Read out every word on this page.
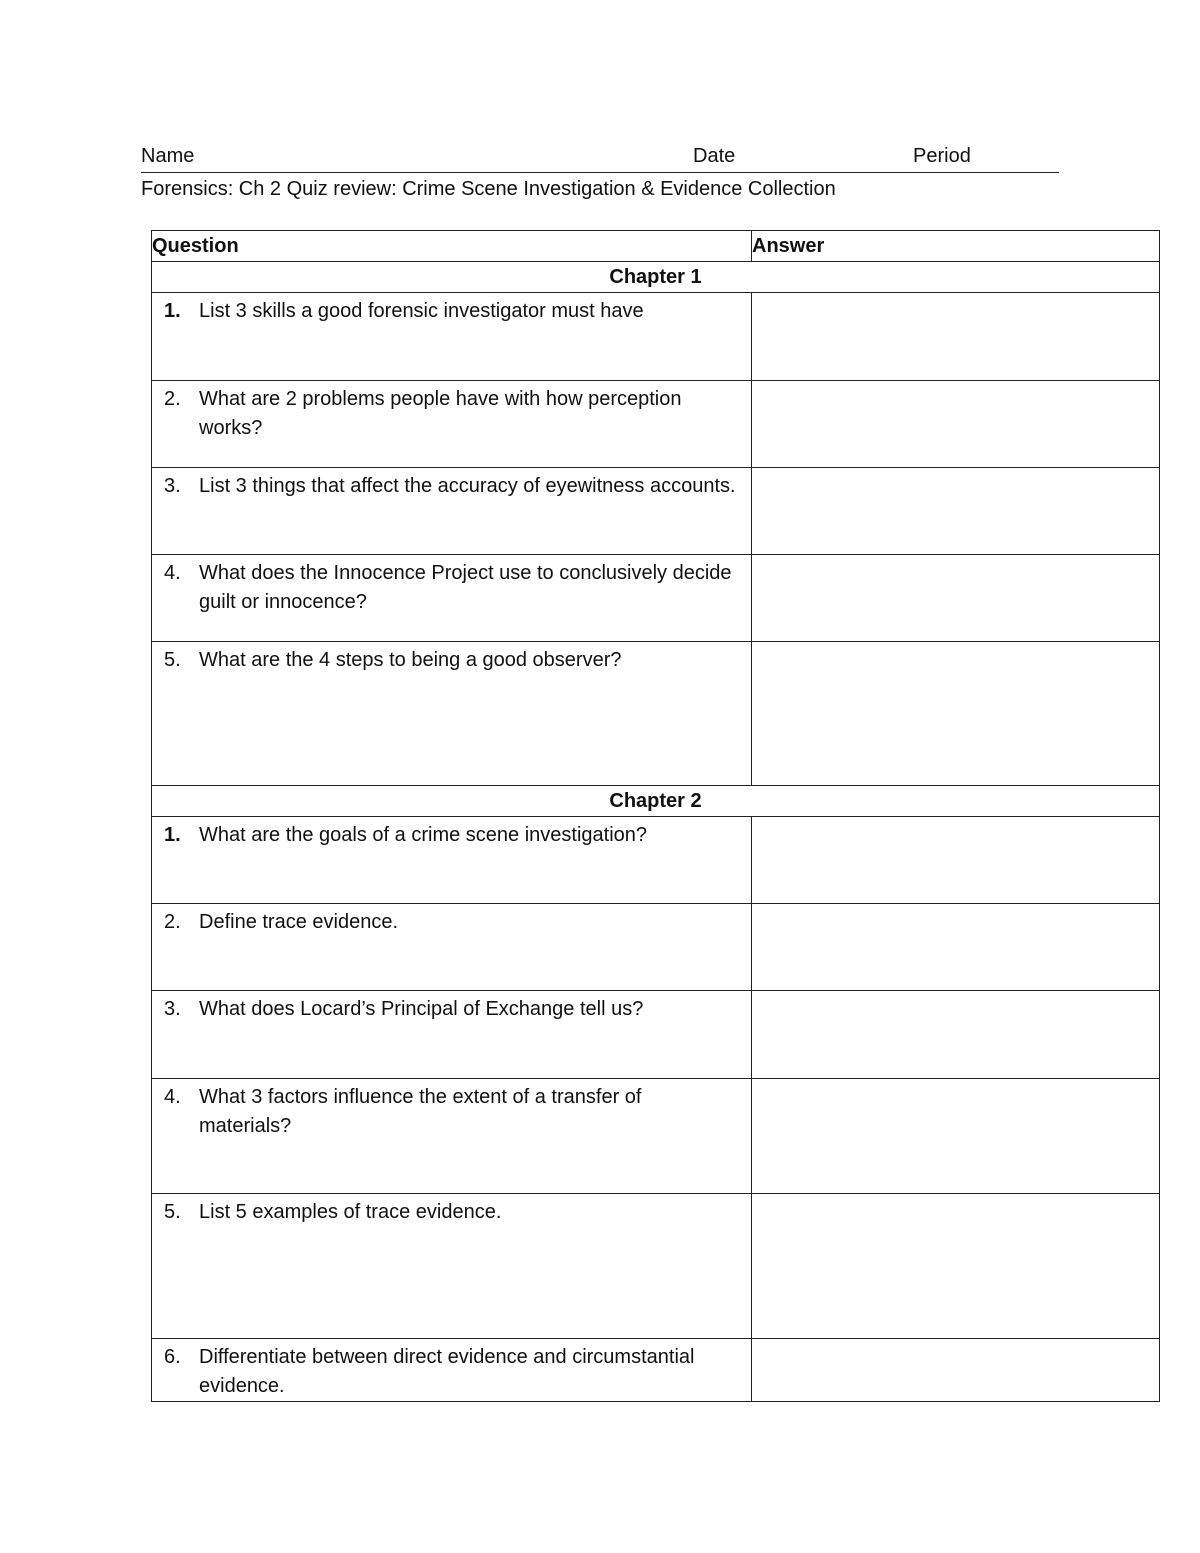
Name	Date	Period
Forensics: Ch 2 Quiz review: Crime Scene Investigation & Evidence Collection
Question	Answer
Chapter 1	

1. List 3 skills a good forensic investigator must have	

2. What are 2 problems people have with how perception works?	

3. List 3 things that affect the accuracy of eyewitness accounts.	

4. What does the Innocence Project use to conclusively decide guilt or innocence?	

5. What are the 4 steps to being a good observer?	

Chapter 2	

1. What are the goals of a crime scene investigation?	

2. Define trace evidence.	

3. What does Locard’s Principal of Exchange tell us?	

4. What 3 factors influence the extent of a transfer of materials?	

5. List 5 examples of trace evidence.	

6. Differentiate between direct evidence and circumstantial evidence.	
